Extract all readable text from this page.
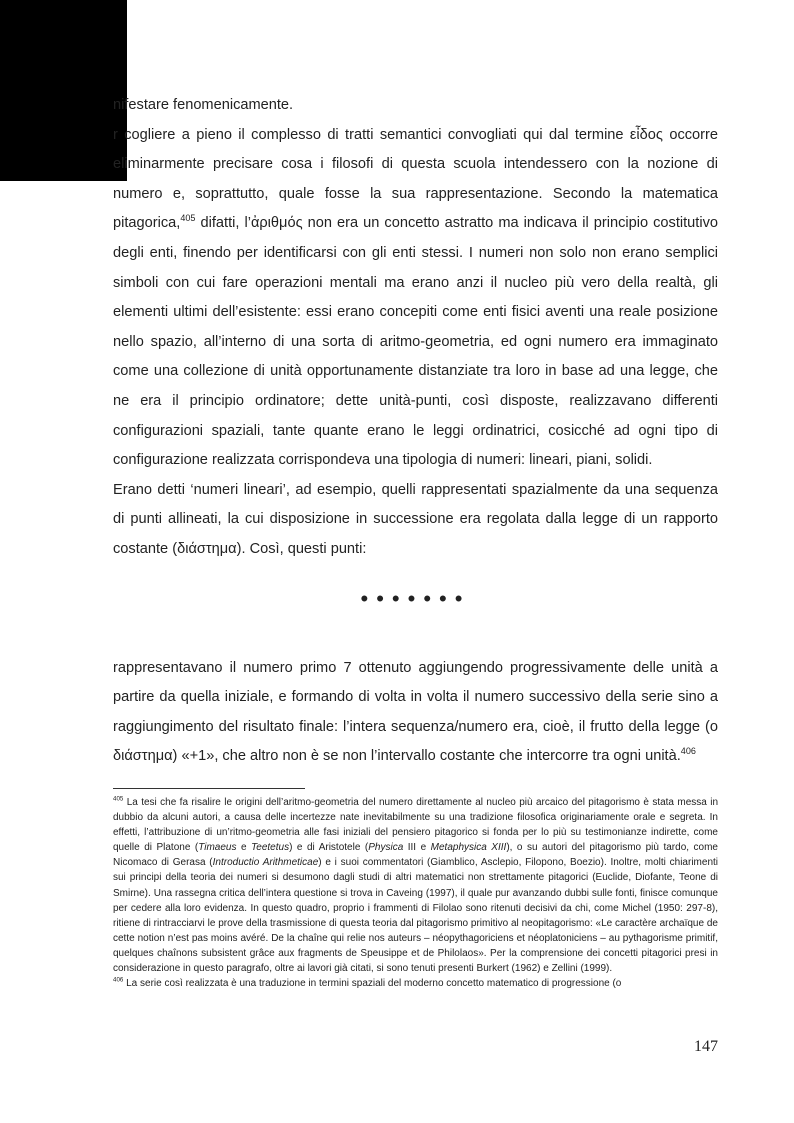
nifestare fenomenicamente.

r cogliere a pieno il complesso di tratti semantici convogliati qui dal termine εἶδος occorre eliminarmente precisare cosa i filosofi di questa scuola intendessero con la nozione di numero e, soprattutto, quale fosse la sua rappresentazione. Secondo la matematica pitagorica,$^{405}$ difatti, l’ἀριθμός non era un concetto astratto ma indicava il principio costitutivo degli enti, finendo per identificarsi con gli enti stessi. I numeri non solo non erano semplici simboli con cui fare operazioni mentali ma erano anzi il nucleo più vero della realtà, gli elementi ultimi dell’esistente: essi erano concepiti come enti fisici aventi una reale posizione nello spazio, all’interno di una sorta di aritmo-geometria, ed ogni numero era immaginato come una collezione di unità opportunamente distanziate tra loro in base ad una legge, che ne era il principio ordinatore; dette unità-punti, così disposte, realizzavano differenti configurazioni spaziali, tante quante erano le leggi ordinatrici, cosicché ad ogni tipo di configurazione realizzata corrispondeva una tipologia di numeri: lineari, piani, solidi.

Erano detti ‘numeri lineari’, ad esempio, quelli rappresentati spazialmente da una sequenza di punti allineati, la cui disposizione in successione era regolata dalla legge di un rapporto costante (διάστημα). Così, questi punti:

rappresentavano il numero primo 7 ottenuto aggiungendo progressivamente delle unità a partire da quella iniziale, e formando di volta in volta il numero successivo della serie sino a raggiungimento del risultato finale: l’intera sequenza/numero era, cioè, il frutto della legge (o διάστημα) «+1», che altro non è se non l’intervallo costante che intercorre tra ogni unità.$^{406}$

•••••••

$^{405}$ La tesi che fa risalire le origini dell’aritmo-geometria del numero direttamente al nucleo più arcaico del pitagorismo è stata messa in dubbio da alcuni autori, a causa delle incertezze nate inevitabilmente su una tradizione filosofica originariamente orale e segreta. In effetti, l’attribuzione di un’ritmo-geometria alle fasi iniziali del pensiero pitagorico si fonda per lo più su testimonianze indirette, come quelle di Platone (Timaeus e Teetetus) e di Aristotele (Physica III e Metaphysica XIII), o su autori del pitagorismo più tardo, come Nicomaco di Gerasa (Introductio Arithmeticae) e i suoi commentatori (Giamblico, Asclepio, Filopono, Boezio). Inoltre, molti chiarimenti sui principi della teoria dei numeri si desumono dagli studi di altri matematici non strettamente pitagorici (Euclide, Diofante, Teone di Smirne). Una rassegna critica dell’intera questione si trova in Caveing (1997), il quale pur avanzando dubbi sulle fonti, finisce comunque per cedere alla loro evidenza. In questo quadro, proprio i frammenti di Filolao sono ritenuti decisivi da chi, come Michel (1950: 297-8), ritiene di rintracciarvi le prove della trasmissione di questa teoria dal pitagorismo primitivo al neopitagorismo: «Le caractère archaïque de cette notion n’est pas moins avéré. De la chaîne qui relie nos auteurs – néopythagoriciens et néoplatoniciens – au pythagorisme primitif, quelques chaînons subsistent grâce aux fragments de Speusippe et de Philolaos». Per la comprensione dei concetti pitagorici presi in considerazione in questo paragrafo, oltre ai lavori già citati, si sono tenuti presenti Burkert (1962) e Zellini (1999).

$^{406}$ La serie così realizzata è una traduzione in termini spaziali del moderno concetto matematico di progressione (o

147
